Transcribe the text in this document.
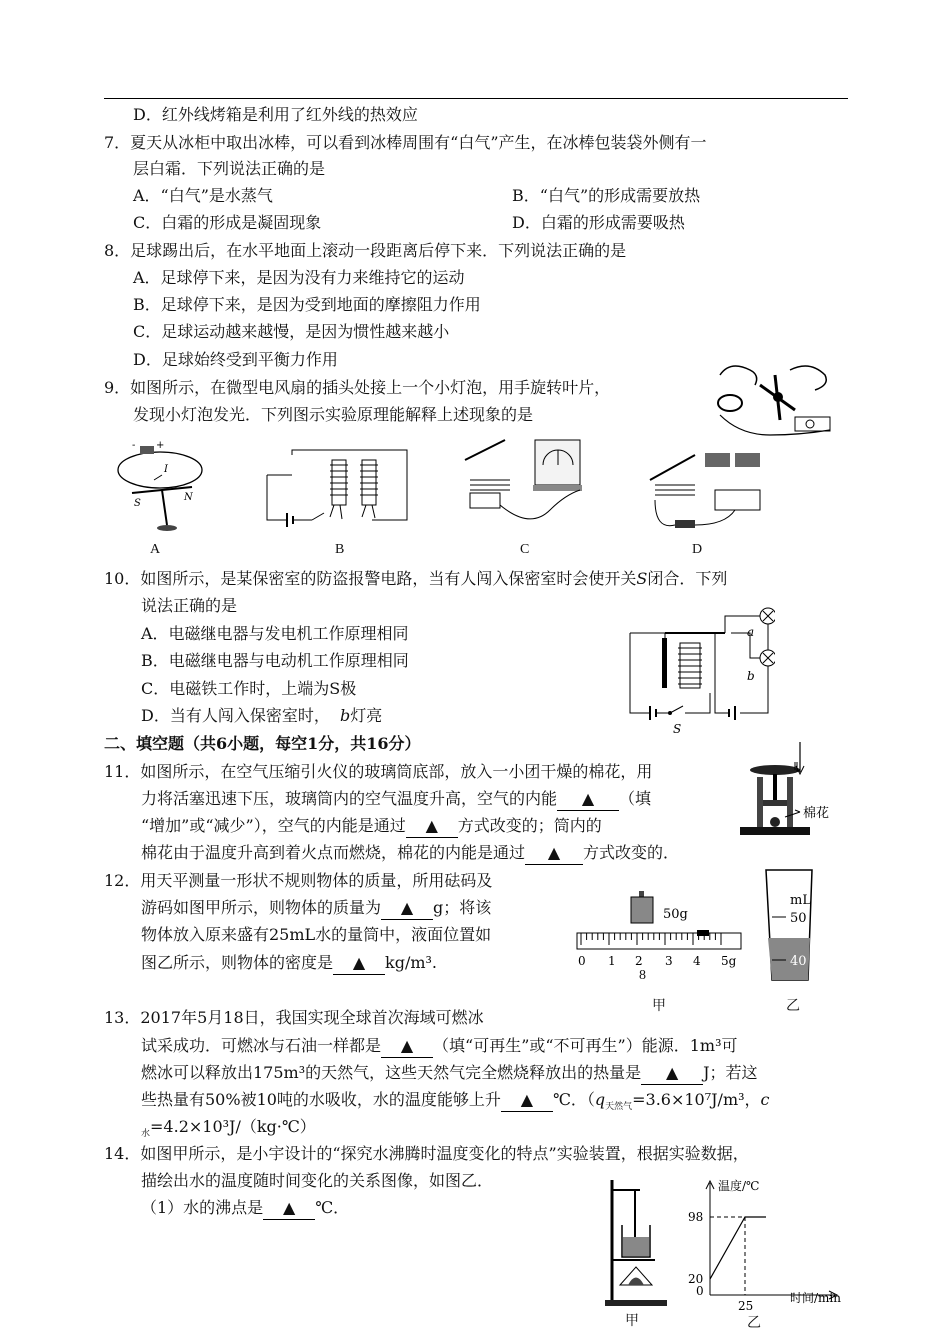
D．红外线烤箱是利用了红外线的热效应
7．夏天从冰柜中取出冰棒，可以看到冰棒周围有“白气”产生，在冰棒包装袋外侧有一
层白霜．下列说法正确的是
A．“白气”是水蒸气	B．“白气”的形成需要放热
C．白霜的形成是凝固现象	D．白霜的形成需要吸热
8．足球踢出后，在水平地面上滚动一段距离后停下来．下列说法正确的是
A．足球停下来，是因为没有力来维持它的运动
B．足球停下来，是因为受到地面的摩擦阻力作用
C．足球运动越来越慢，是因为惯性越来越小
D．足球始终受到平衡力作用
9．如图所示，在微型电风扇的插头处接上一个小灯泡，用手旋转叶片，
发现小灯泡发光．下列图示实验原理能解释上述现象的是
- +
I
S
N
A	B	C	D
10．如图所示，是某保密室的防盗报警电路，当有人闯入保密室时会使开关S闭合．下列
说法正确的是
A．电磁继电器与发电机工作原理相同
B．电磁继电器与电动机工作原理相同
C．电磁铁工作时，上端为S极
D．当有人闯入保密室时， b灯亮
S
a
b
二、填空题（共6小题，每空1分，共16分）
11．如图所示，在空气压缩引火仪的玻璃筒底部，放入一小团干燥的棉花，用
力将活塞迅速下压，玻璃筒内的空气温度升高，空气的内能 ▲ （填
“增加”或“减少”），空气的内能是通过 ▲ 方式改变的；筒内的
棉花由于温度升高到着火点而燃烧，棉花的内能是通过 ▲ 方式改变的．
棉花
12．用天平测量一形状不规则物体的质量，所用砝码及
游码如图甲所示，则物体的质量为 ▲ g；将该
物体放入原来盛有25mL水的量筒中，液面位置如
图乙所示，则物体的密度是 ▲ kg/m³.
50g
0 1 2 3 4 5g
8
甲
mL
50
40
乙
13．2017年5月18日，我国实现全球首次海域可燃冰
试采成功．可燃冰与石油一样都是 ▲ （填“可再生”或“不可再生”）能源．1m³可
燃冰可以释放出175m³的天然气，这些天然气完全燃烧释放出的热量是 ▲ J；若这
些热量有50%被10吨的水吸收，水的温度能够上升 ▲ ℃．（$q_{天然气}=3.6\times 10^7J/m^3$，c
$_水$=4.2×10³J/（kg·℃）
14．如图甲所示，是小宇设计的“探究水沸腾时温度变化的特点”实验装置，根据实验数据，
描绘出水的温度随时间变化的关系图像，如图乙．
（1）水的沸点是 ▲ ℃．
甲
温度/℃
时间/min
98
20
25
0
乙
